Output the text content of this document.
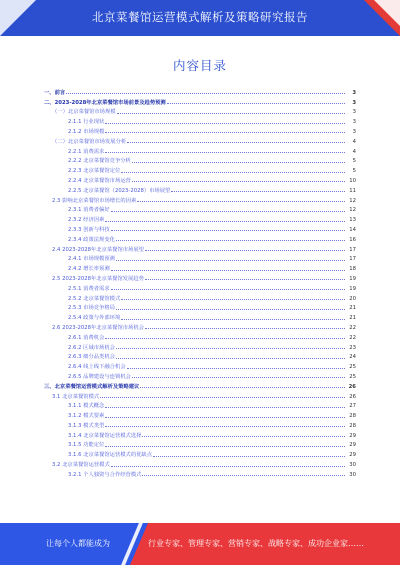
北京菜餐馆运营模式解析及策略研究报告
内容目录
一、前言	3
二、2023-2028年北京菜餐馆市场前景及趋势预测	3
（一）北京菜餐馆市场规模	3
2.1.1 行业现状	3
2.1.2 市场规模	3
（二）北京菜餐馆市场发展分析	4
2.2.1 消费需求	4
2.2.2 北京菜餐馆竞争分析	5
2.2.3 北京菜餐馆定位	5
2.2.4 北京菜餐馆市场运营	10
2.2.5 北京菜餐馆（2023-2028）市场展望	11
2.3 影响北京菜餐馆市场增长的因素	12
2.3.1 消费者偏好	12
2.3.2 经济因素	13
2.3.3 创新与科技	14
2.3.4 政策法规变化	16
2.4 2023-2028年北京菜餐馆市场展望	17
2.4.1 市场规模预测	17
2.4.2 增长率预测	18
2.5 2023-2028年北京菜餐馆发展趋势	19
2.5.1 消费者需求	19
2.5.2 北京菜餐馆模式	20
2.5.3 市场竞争格局	21
2.5.4 政策与外部环境	21
2.6 2023-2028年北京菜餐馆市场机会	22
2.6.1 消费机会	22
2.6.2 区域市场机会	23
2.6.3 细分品类机会	24
2.6.4 线上线下融合机会	25
2.6.5 品牌建设与连锁机会	25
三、北京菜餐馆运营模式解析及策略建议	26
3.1 北京菜餐馆模式	26
3.1.1 模式概念	27
3.1.2 模式要素	28
3.1.3 模式类型	28
3.1.4 北京菜餐馆运营模式选择	29
3.1.5 功能定位	29
3.1.6 北京菜餐馆运营模式的优缺点	29
3.2 北京菜餐馆运营模式	30
3.2.1 个人独资与合作经营模式	30
让每个人都能成为	行业专家、管理专家、营销专家、战略专家、成功企业家……
